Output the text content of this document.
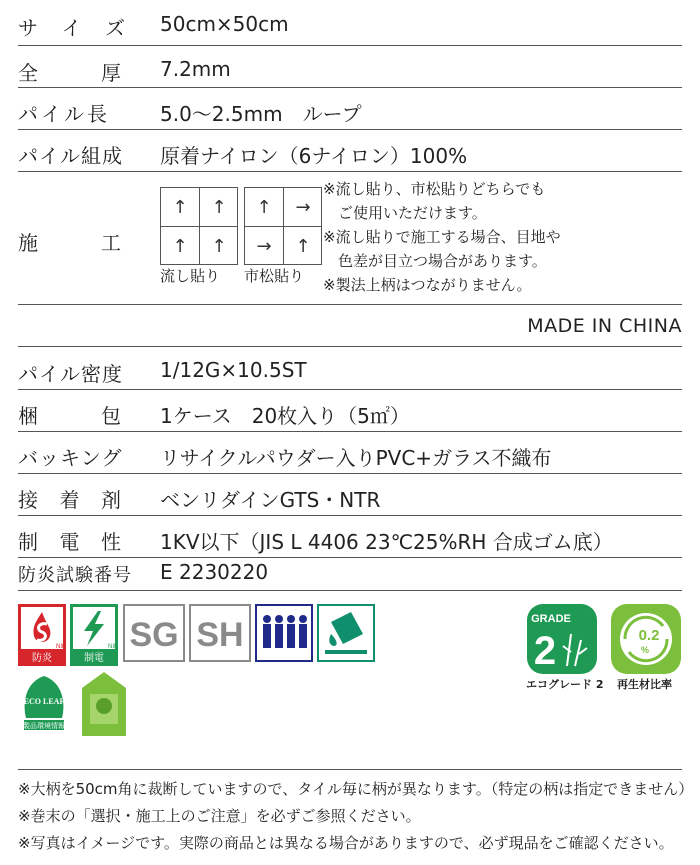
サ イ ズ 50cm×50cm
全	厚 7.2mm
パイル長	5.0〜2.5mm　ループ
パイル組成 原着ナイロン（6ナイロン）100%
施	工
↑	↑
↑	↑
流し貼り
↑	→
→	↑
市松貼り
※流し貼り、市松貼りどちらでも
　ご使用いただけます。
※流し貼りで施工する場合、目地や
　色差が目立つ場合があります。
※製法上柄はつながりません。
MADE IN CHINA
パイル密度 1/12G×10.5ST
梱	包 1ケース　20枚入り（5㎡）
バッキング リサイクルパウダー入りPVC+ガラス不織布
接 着 剤 ベンリダインGTS・NTR
制 電 性 1KV以下（JIS L 4406 23℃25%RH 合成ゴム底）
防炎試験番号 E 2230220
NIF
防炎
NIF
制電
SG SH
ECO LEAF
製品環境情報
GRADE
2
エコグレード 2
0.2
%
再生材比率
※大柄を50cm角に裁断していますので、タイル毎に柄が異なります。（特定の柄は指定できません）
※巻末の「選択・施工上のご注意」を必ずご参照ください。
※写真はイメージです。実際の商品とは異なる場合がありますので、必ず現品をご確認ください。
